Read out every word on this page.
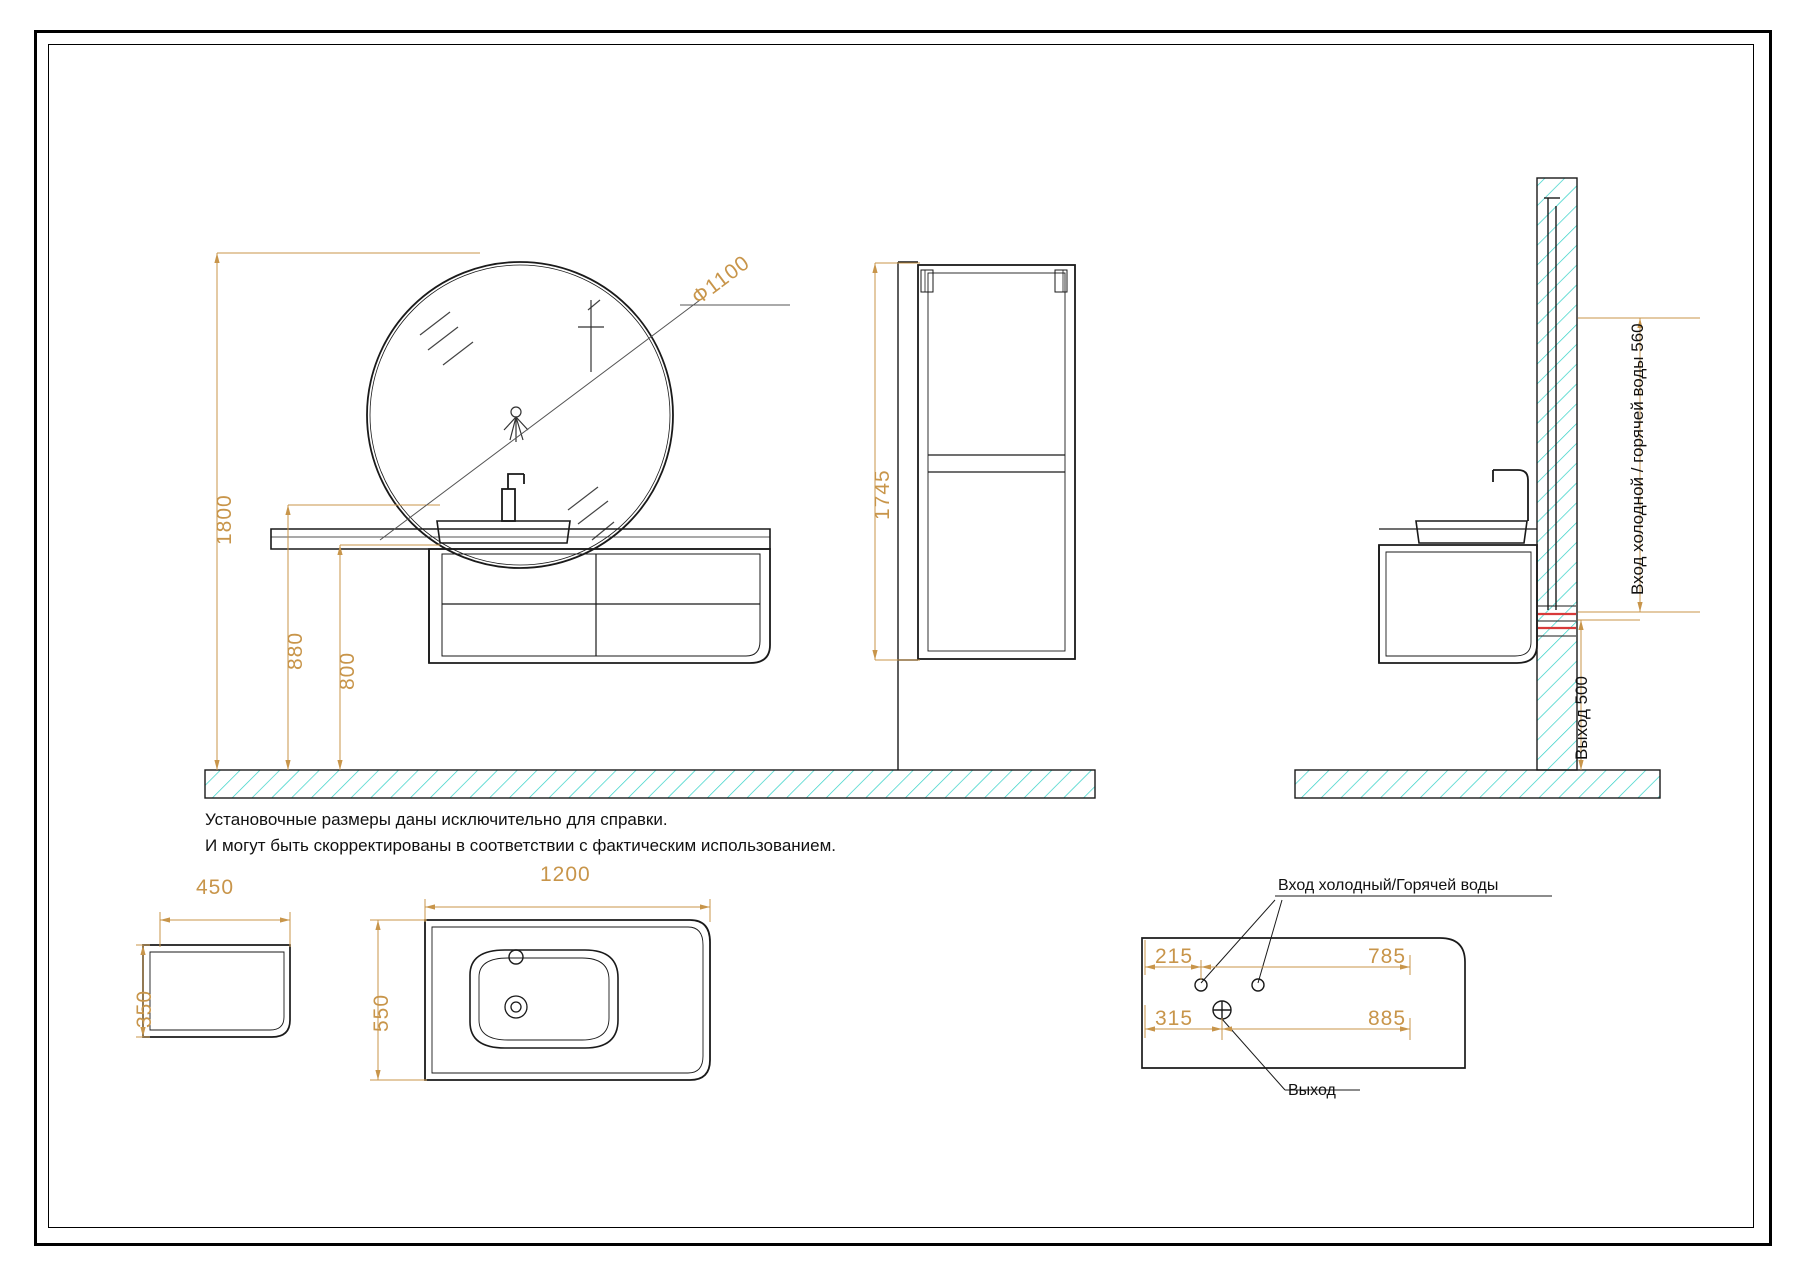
1800
880
800
Ф1100
1745	Вход холодной / горячей воды 560
Выход 500
Установочные размеры даны исключительно для справки.
И могут быть скорректированы в соответствии с фактическим использованием.
450
350
1200
550
Вход холодный/Горячей воды
Выход
215	785
315	885
